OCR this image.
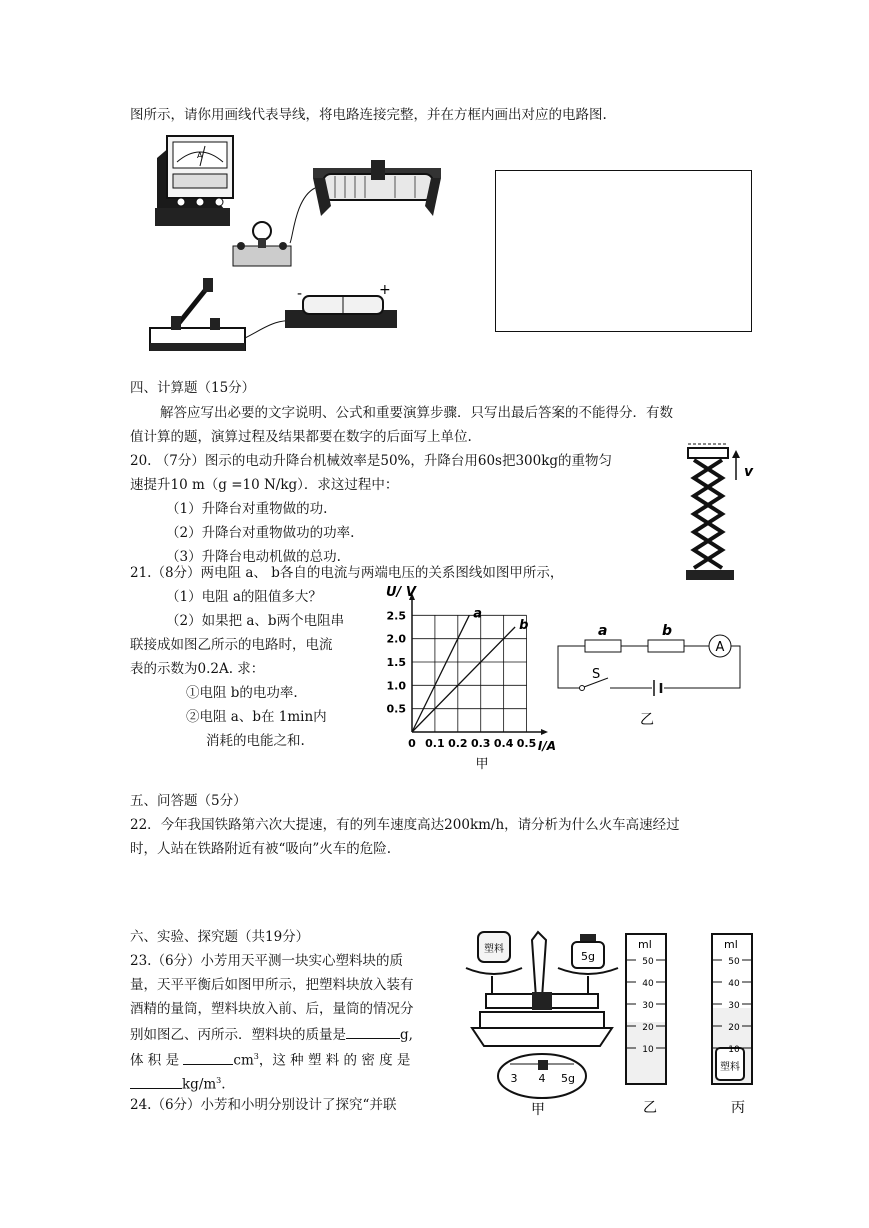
图所示，请你用画线代表导线，将电路连接完整，并在方框内画出对应的电路图.
A
-	+
四、计算题（15分）
解答应写出必要的文字说明、公式和重要演算步骤．只写出最后答案的不能得分．有数
值计算的题，演算过程及结果都要在数字的后面写上单位.
20. （7分）图示的电动升降台机械效率是50%，升降台用60s把300kg的重物匀
速提升10 m（g =10 N/kg）．求这过程中：
（1）升降台对重物做的功.
（2）升降台对重物做功的功率.
（3）升降台电动机做的总功.
v
21.（8分）两电阻 a、 b各自的电流与两端电压的关系图线如图甲所示，
（1）电阻 a的阻值多大？
（2）如果把 a、b两个电阻串
联接成如图乙所示的电路时，电流
表的示数为0.2A. 求：
①电阻 b的电功率.
②电阻 a、b在 1min内
消耗的电能之和.
a
b
0 0.1 0.2 0.3 0.4 0.5
0.5
1.0
1.5
2.0
2.5
U/ V
I/A
甲
a	b
A
S
乙
五、问答题（5分）
22．今年我国铁路第六次大提速，有的列车速度高达200km/h，请分析为什么火车高速经过
时，人站在铁路附近有被“吸向”火车的危险.
六、实验、探究题（共19分）
23.（6分）小芳用天平测一块实心塑料块的质
量，天平平衡后如图甲所示，把塑料块放入装有
酒精的量筒，塑料块放入前、后，量筒的情况分
别如图乙、丙所示．塑料块的质量是	g,
体 积 是	$cm^3$，这 种 塑 料 的 密 度 是
$kg/m^3$.
24.（6分）小芳和小明分别设计了探究“并联
塑料
5g
3 4 5g
甲
ml
50
40
30
20
10
乙
塑料
ml
50
40
30
20
10
丙
